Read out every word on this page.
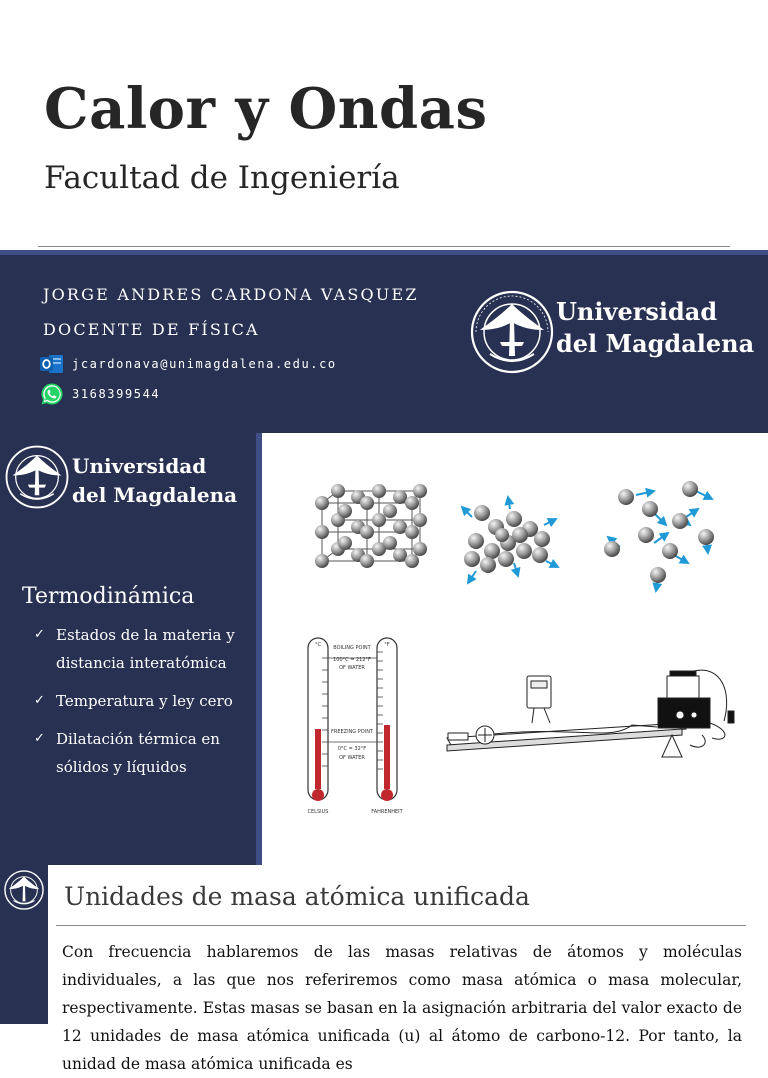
Calor y Ondas
Facultad de Ingeniería
JORGE ANDRES CARDONA VASQUEZ
DOCENTE DE FÍSICA
jcardonava@unimagdalena.edu.co
3168399544
Universidad
del Magdalena
Universidad
del Magdalena
Termodinámica
✓ Estados de la materia y distancia interatómica
✓ Temperatura y ley cero
✓ Dilatación térmica en sólidos y líquidos
BOILING POINT
100°C = 212°F
OF WATER
FREEZING POINT
0°C = 32°F
OF WATER
°C	°F
CELSIUS	FAHRENHEIT
Unidades de masa atómica unificada

Con frecuencia hablaremos de las masas relativas de átomos y moléculas individuales, a las que nos referiremos como masa atómica o masa molecular, respectivamente. Estas masas se basan en la asignación arbitraria del valor exacto de 12 unidades de masa atómica unificada (u) al átomo de carbono-12. Por tanto, la unidad de masa atómica unificada es
